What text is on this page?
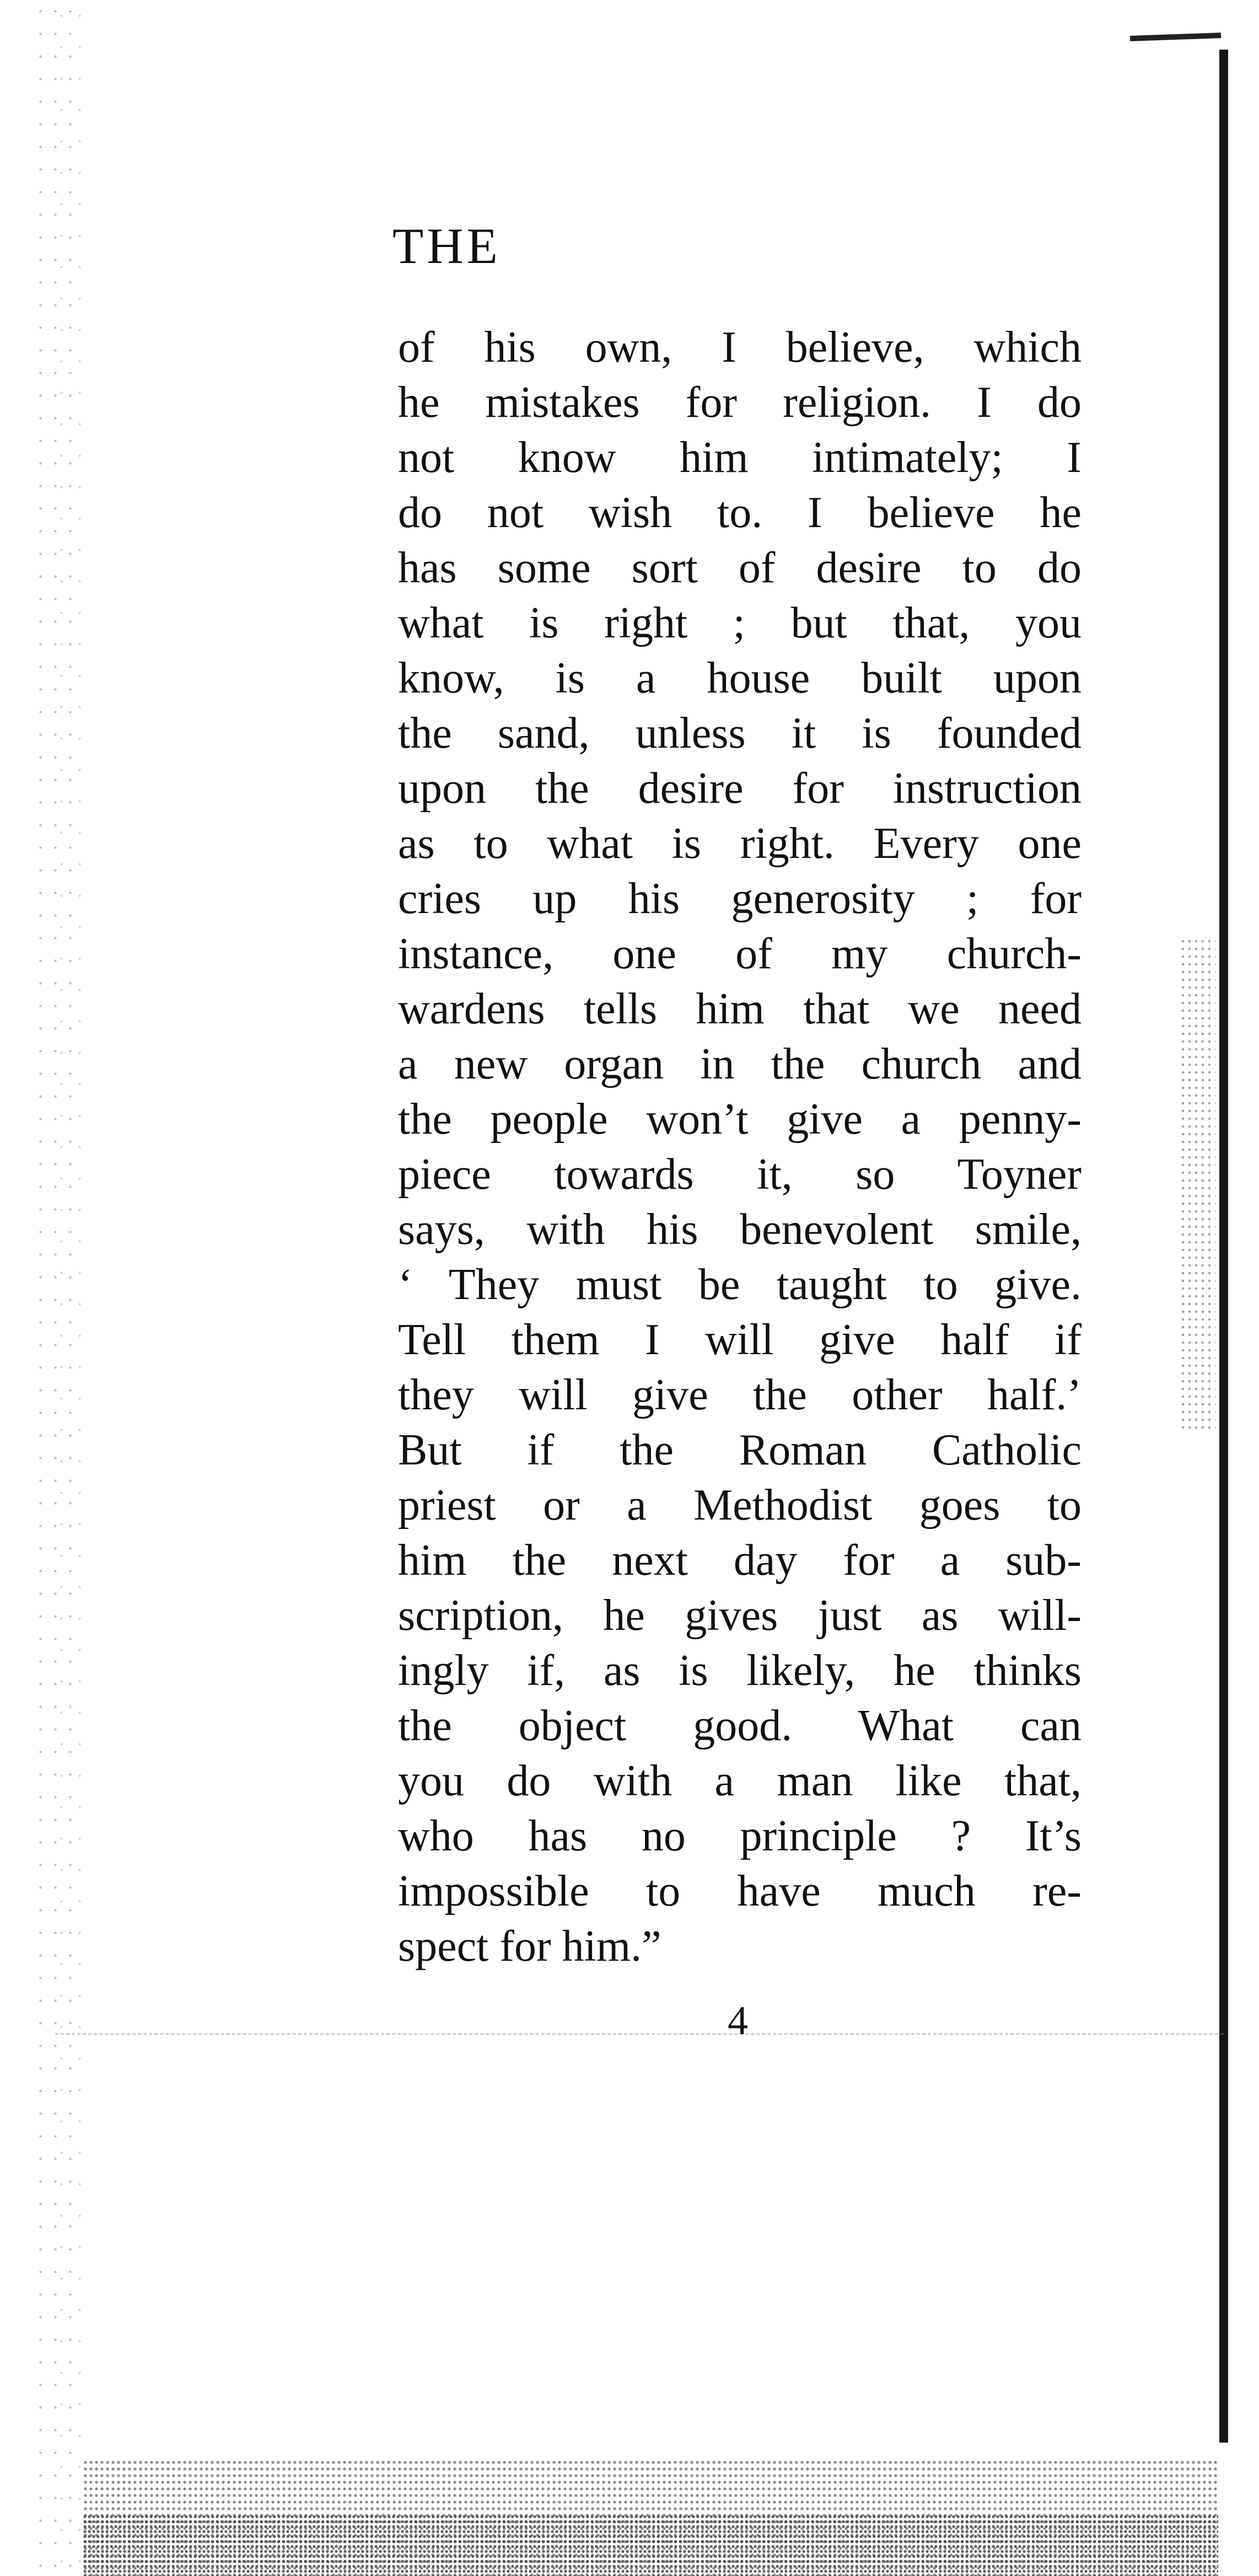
THE
of his own, I believe, which
he mistakes for religion. I do
not know him intimately; I
do not wish to. I believe he
has some sort of desire to do
what is right ; but that, you
know, is a house built upon
the sand, unless it is founded
upon the desire for instruction
as to what is right. Every one
cries up his generosity ; for
instance, one of my church-
wardens tells him that we need
a new organ in the church and
the people won’t give a penny-
piece towards it, so Toyner
says, with his benevolent smile,
‘ They must be taught to give.
Tell them I will give half if
they will give the other half.’
But if the Roman Catholic
priest or a Methodist goes to
him the next day for a sub-
scription, he gives just as will-
ingly if, as is likely, he thinks
the object good. What can
you do with a man like that,
who has no principle ? It’s
impossible to have much re-
spect for him.”
4
